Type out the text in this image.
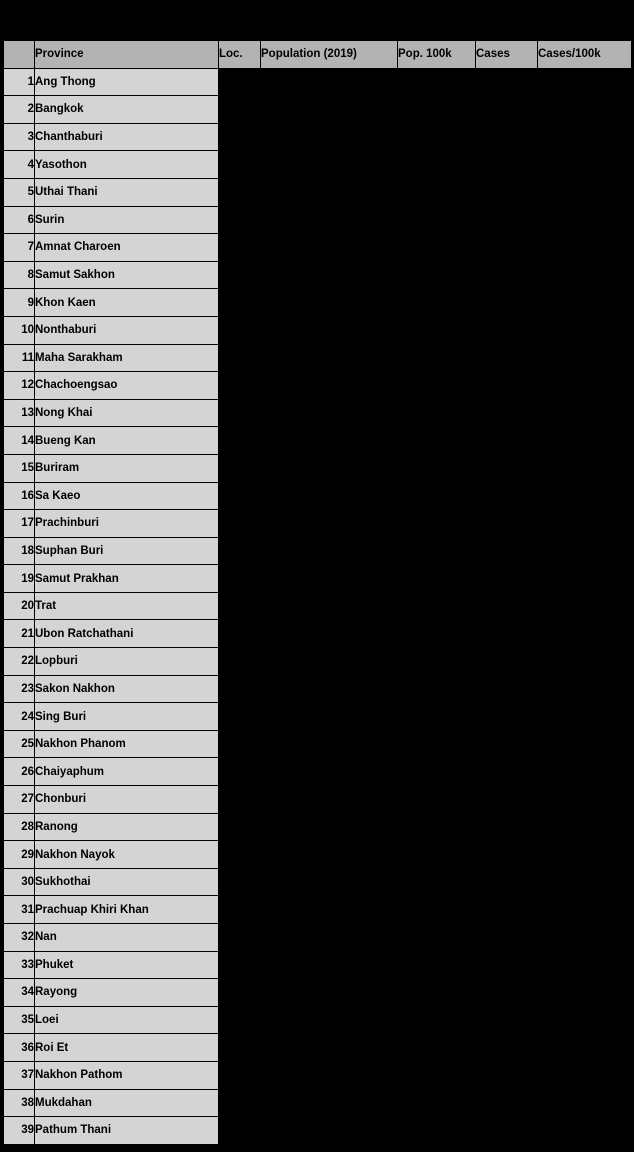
	Province	Loc.	Population (2019)	Pop. 100k	Cases	Cases/100k
1	Ang Thong					
2	Bangkok					
3	Chanthaburi					
4	Yasothon					
5	Uthai Thani					
6	Surin					
7	Amnat Charoen					
8	Samut Sakhon					
9	Khon Kaen					
10	Nonthaburi					
11	Maha Sarakham					
12	Chachoengsao					
13	Nong Khai					
14	Bueng Kan					
15	Buriram					
16	Sa Kaeo					
17	Prachinburi					
18	Suphan Buri					
19	Samut Prakhan					
20	Trat					
21	Ubon Ratchathani					
22	Lopburi					
23	Sakon Nakhon					
24	Sing Buri					
25	Nakhon Phanom					
26	Chaiyaphum					
27	Chonburi					
28	Ranong					
29	Nakhon Nayok					
30	Sukhothai					
31	Prachuap Khiri Khan					
32	Nan					
33	Phuket					
34	Rayong					
35	Loei					
36	Roi Et					
37	Nakhon Pathom					
38	Mukdahan					
39	Pathum Thani					
